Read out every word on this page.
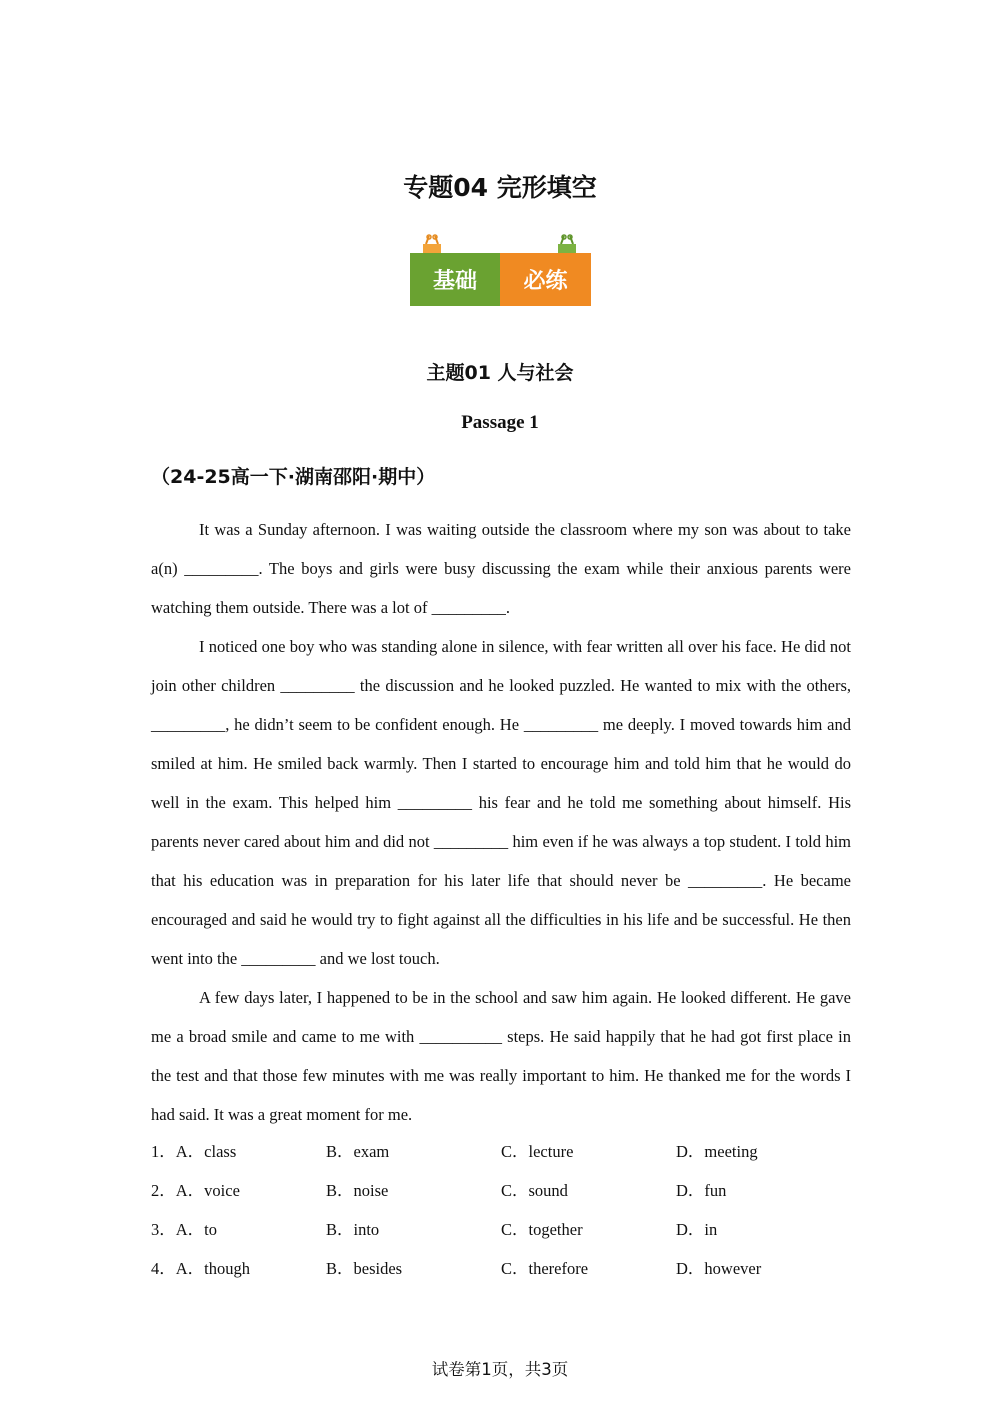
专题04 完形填空
基础	必练
主题01 人与社会
Passage 1
（24-25高一下·湖南邵阳·期中）

It was a Sunday afternoon. I was waiting outside the classroom where my son was about to take a(n) _________. The boys and girls were busy discussing the exam while their anxious parents were watching them outside. There was a lot of _________.

I noticed one boy who was standing alone in silence, with fear written all over his face. He did not join other children _________ the discussion and he looked puzzled. He wanted to mix with the others, _________, he didn’t seem to be confident enough. He _________ me deeply. I moved towards him and smiled at him. He smiled back warmly. Then I started to encourage him and told him that he would do well in the exam. This helped him _________ his fear and he told me something about himself. His parents never cared about him and did not _________ him even if he was always a top student. I told him that his education was in preparation for his later life that should never be _________. He became encouraged and said he would try to fight against all the difficulties in his life and be successful. He then went into the _________ and we lost touch.

A few days later, I happened to be in the school and saw him again. He looked different. He gave me a broad smile and came to me with __________ steps. He said happily that he had got first place in the test and that those few minutes with me was really important to him. He thanked me for the words I had said. It was a great moment for me.

1．A．class	B．exam	C．lecture	D．meeting
2．A．voice	B．noise	C．sound	D．fun
3．A．to	B．into	C．together	D．in
4．A．though	B．besides	C．therefore	D．however
试卷第1页，共3页
